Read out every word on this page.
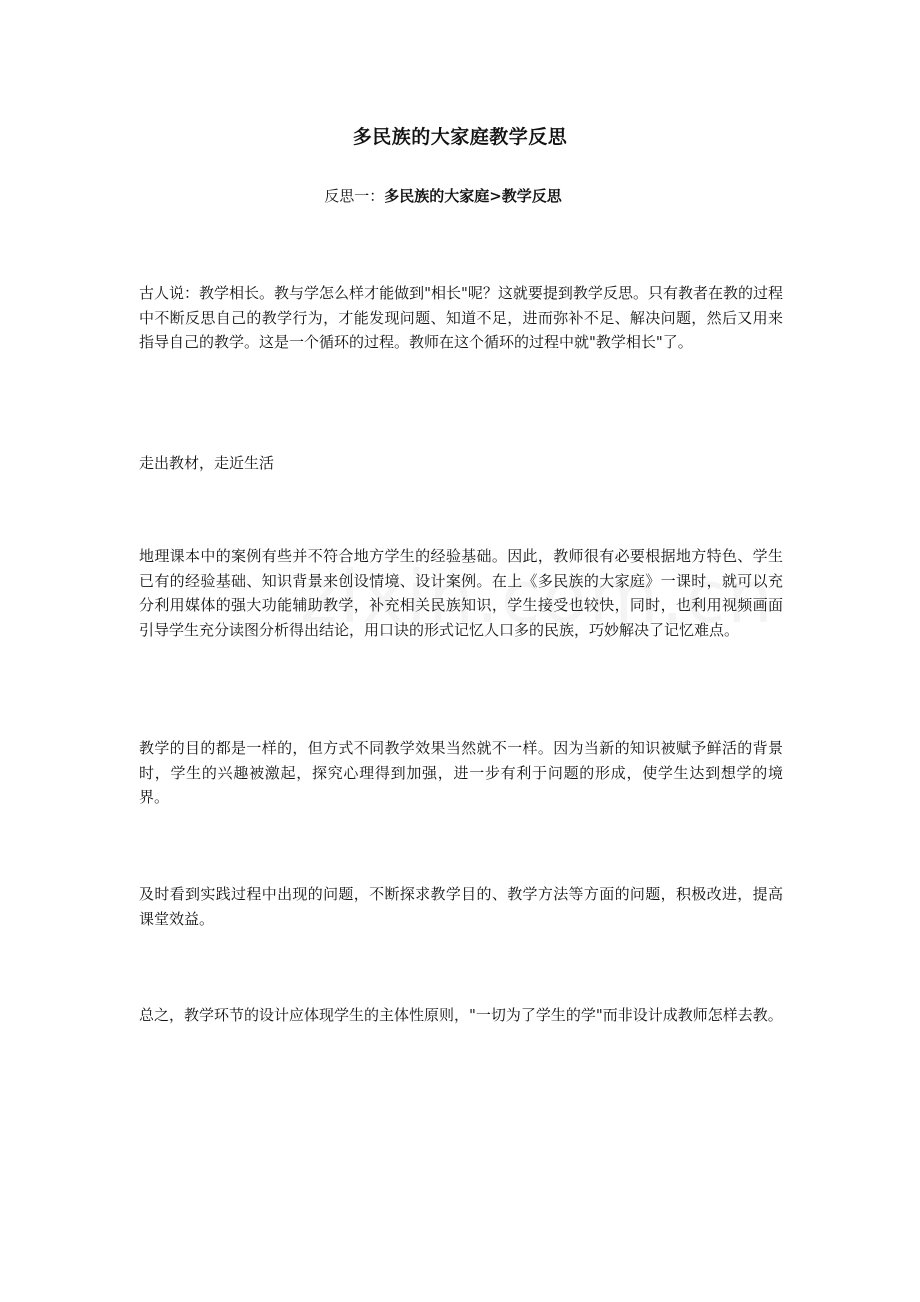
多民族的大家庭教学反思
反思一：多民族的大家庭>教学反思

古人说：教学相长。教与学怎么样才能做到"相长"呢？这就要提到教学反思。只有教者在教的过程中不断反思自己的教学行为，才能发现问题、知道不足，进而弥补不足、解决问题，然后又用来指导自己的教学。这是一个循环的过程。教师在这个循环的过程中就"教学相长"了。

走出教材，走近生活

地理课本中的案例有些并不符合地方学生的经验基础。因此，教师很有必要根据地方特色、学生已有的经验基础、知识背景来创设情境、设计案例。在上《多民族的大家庭》一课时，就可以充分利用媒体的强大功能辅助教学，补充相关民族知识，学生接受也较快，同时，也利用视频画面引导学生充分读图分析得出结论，用口诀的形式记忆人口多的民族，巧妙解决了记忆难点。

教学的目的都是一样的，但方式不同教学效果当然就不一样。因为当新的知识被赋予鲜活的背景时，学生的兴趣被激起，探究心理得到加强，进一步有利于问题的形成，使学生达到想学的境界。

及时看到实践过程中出现的问题，不断探求教学目的、教学方法等方面的问题，积极改进，提高课堂效益。

总之，教学环节的设计应体现学生的主体性原则，"一切为了学生的学"而非设计成教师怎样去教。
